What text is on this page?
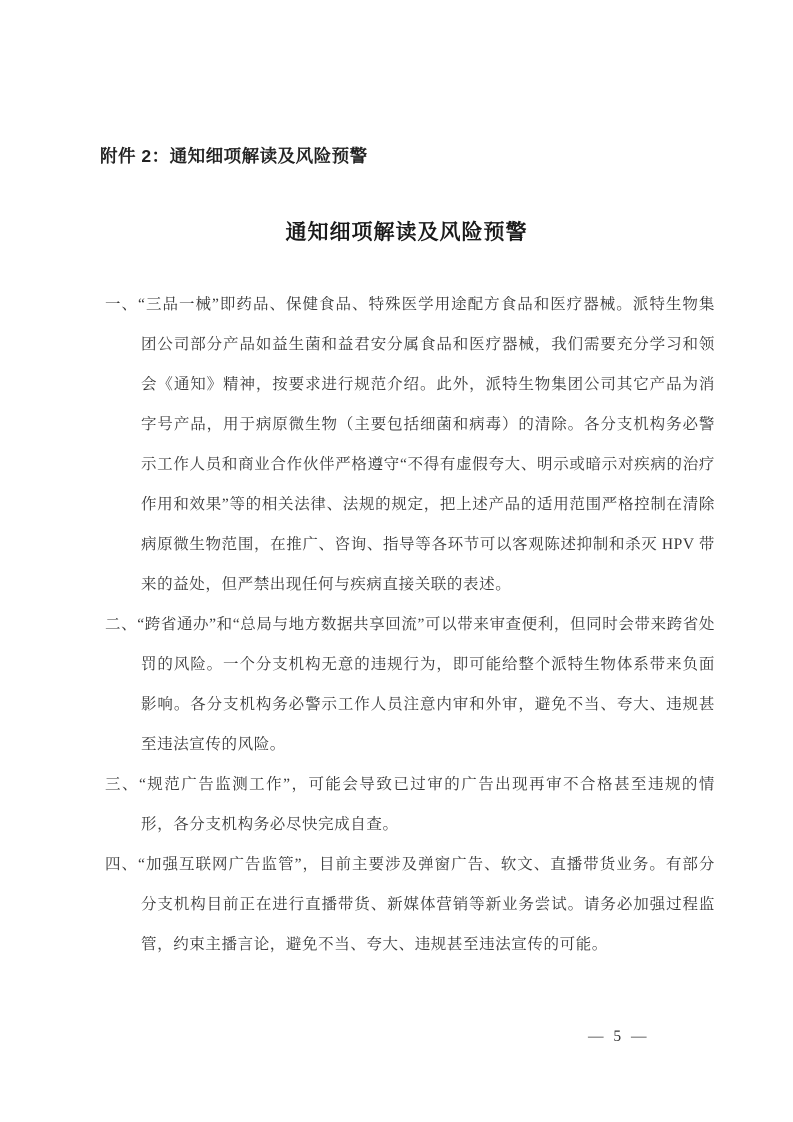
附件 2：通知细项解读及风险预警
通知细项解读及风险预警

一、“三品一械”即药品、保健食品、特殊医学用途配方食品和医疗器械。派特生物集团公司部分产品如益生菌和益君安分属食品和医疗器械，我们需要充分学习和领会《通知》精神，按要求进行规范介绍。此外，派特生物集团公司其它产品为消字号产品，用于病原微生物（主要包括细菌和病毒）的清除。各分支机构务必警示工作人员和商业合作伙伴严格遵守“不得有虚假夸大、明示或暗示对疾病的治疗作用和效果”等的相关法律、法规的规定，把上述产品的适用范围严格控制在清除病原微生物范围，在推广、咨询、指导等各环节可以客观陈述抑制和杀灭 HPV 带来的益处，但严禁出现任何与疾病直接关联的表述。

二、“跨省通办”和“总局与地方数据共享回流”可以带来审查便利，但同时会带来跨省处罚的风险。一个分支机构无意的违规行为，即可能给整个派特生物体系带来负面影响。各分支机构务必警示工作人员注意内审和外审，避免不当、夸大、违规甚至违法宣传的风险。

三、“规范广告监测工作”，可能会导致已过审的广告出现再审不合格甚至违规的情形，各分支机构务必尽快完成自查。

四、“加强互联网广告监管”，目前主要涉及弹窗广告、软文、直播带货业务。有部分分支机构目前正在进行直播带货、新媒体营销等新业务尝试。请务必加强过程监管，约束主播言论，避免不当、夸大、违规甚至违法宣传的可能。

— 5 —
